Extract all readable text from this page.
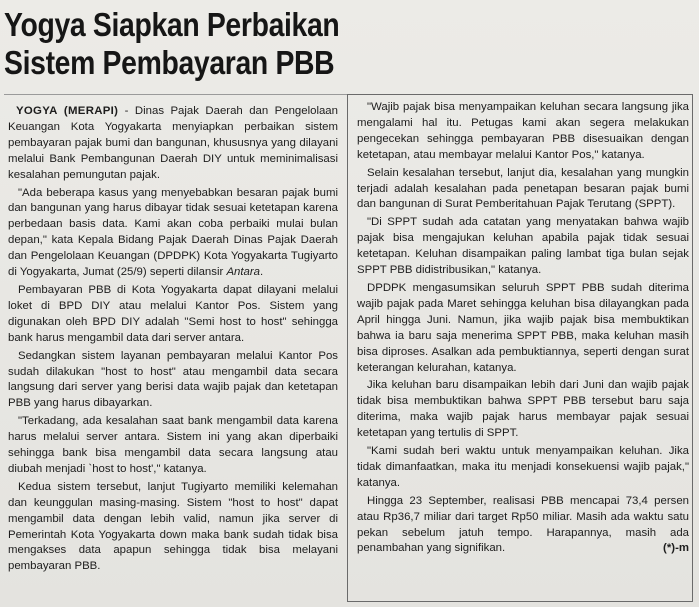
Yogya Siapkan Perbaikan
Sistem Pembayaran PBB

YOGYA (MERAPI) - Dinas Pajak Daerah dan Pengelolaan Keuangan Kota Yogyakarta menyiapkan perbaikan sistem pembayaran pajak bumi dan bangunan, khususnya yang dilayani melalui Bank Pembangunan Daerah DIY untuk meminimalisasi kesalahan pemungutan pajak.

"Ada beberapa kasus yang menyebabkan besaran pajak bumi dan bangunan yang harus dibayar tidak sesuai ketetapan karena perbedaan basis data. Kami akan coba perbaiki mulai bulan depan," kata Kepala Bidang Pajak Daerah Dinas Pajak Daerah dan Pengelolaan Keuangan (DPDPK) Kota Yogyakarta Tugiyarto di Yogyakarta, Jumat (25/9) seperti dilansir Antara.

Pembayaran PBB di Kota Yogyakarta dapat dilayani melalui loket di BPD DIY atau melalui Kantor Pos. Sistem yang digunakan oleh BPD DIY adalah "Semi host to host" sehingga bank harus mengambil data dari server antara.

Sedangkan sistem layanan pembayaran melalui Kantor Pos sudah dilakukan "host to host" atau mengambil data secara langsung dari server yang berisi data wajib pajak dan ketetapan PBB yang harus dibayarkan.

"Terkadang, ada kesalahan saat bank mengambil data karena harus melalui server antara. Sistem ini yang akan diperbaiki sehingga bank bisa mengambil data secara langsung atau diubah menjadi `host to host'," katanya.

Kedua sistem tersebut, lanjut Tugiyarto memiliki kelemahan dan keunggulan masing-masing. Sistem "host to host" dapat mengambil data dengan lebih valid, namun jika server di Pemerintah Kota Yogyakarta down maka bank sudah tidak bisa mengakses data apapun sehingga tidak bisa melayani pembayaran PBB.

"Wajib pajak bisa menyampaikan keluhan secara langsung jika mengalami hal itu. Petugas kami akan segera melakukan pengecekan sehingga pembayaran PBB disesuaikan dengan ketetapan, atau membayar melalui Kantor Pos," katanya.

Selain kesalahan tersebut, lanjut dia, kesalahan yang mungkin terjadi adalah kesalahan pada penetapan besaran pajak bumi dan bangunan di Surat Pemberitahuan Pajak Terutang (SPPT).

"Di SPPT sudah ada catatan yang menyatakan bahwa wajib pajak bisa mengajukan keluhan apabila pajak tidak sesuai ketetapan. Keluhan disampaikan paling lambat tiga bulan sejak SPPT PBB didistribusikan," katanya.

DPDPK mengasumsikan seluruh SPPT PBB sudah diterima wajib pajak pada Maret sehingga keluhan bisa dilayangkan pada April hingga Juni. Namun, jika wajib pajak bisa membuktikan bahwa ia baru saja menerima SPPT PBB, maka keluhan masih bisa diproses. Asalkan ada pembuktiannya, seperti dengan surat keterangan kelurahan, katanya.

Jika keluhan baru disampaikan lebih dari Juni dan wajib pajak tidak bisa membuktikan bahwa SPPT PBB tersebut baru saja diterima, maka wajib pajak harus membayar pajak sesuai ketetapan yang tertulis di SPPT.

"Kami sudah beri waktu untuk menyampaikan keluhan. Jika tidak dimanfaatkan, maka itu menjadi konsekuensi wajib pajak," katanya.

Hingga 23 September, realisasi PBB mencapai 73,4 persen atau Rp36,7 miliar dari target Rp50 miliar. Masih ada waktu satu pekan sebelum jatuh tempo. Harapannya, masih ada penambahan yang signifikan.	(*)-m
